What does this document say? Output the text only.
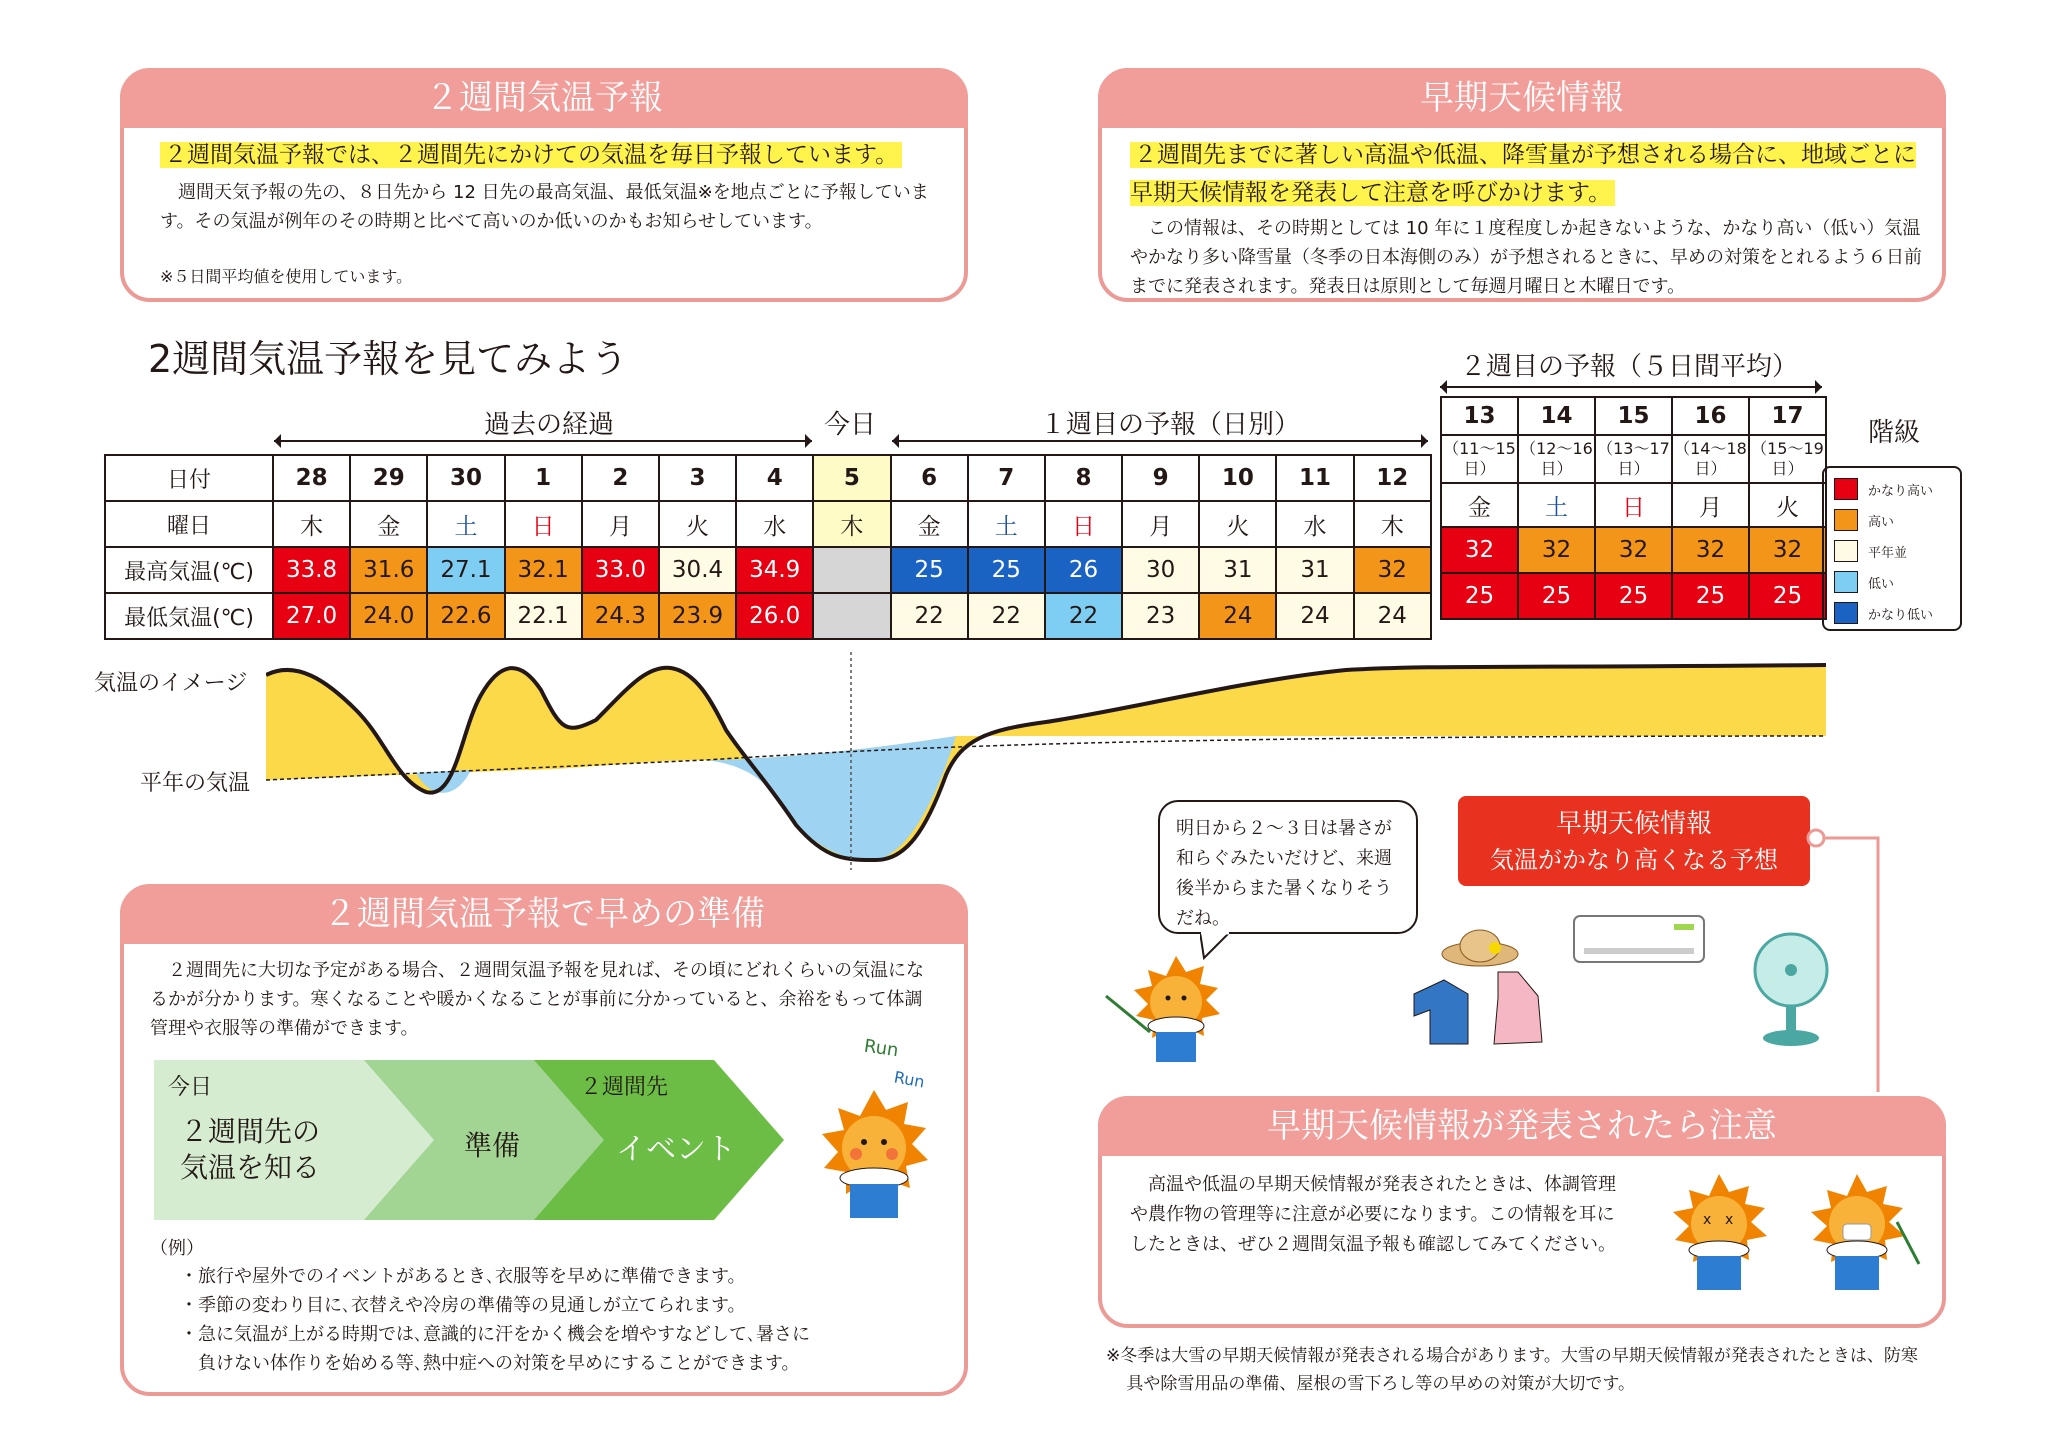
２週間気温予報
２週間気温予報では、２週間先にかけての気温を毎日予報しています。
週間天気予報の先の、８日先から 12 日先の最高気温、最低気温※を地点ごとに予報しています。その気温が例年のその時期と比べて高いのか低いのかもお知らせしています。
※５日間平均値を使用しています。
早期天候情報
２週間先までに著しい高温や低温、降雪量が予想される場合に、地域ごとに早期天候情報を発表して注意を呼びかけます。
この情報は、その時期としては 10 年に１度程度しか起きないような、かなり高い（低い）気温やかなり多い降雪量（冬季の日本海側のみ）が予想されるときに、早めの対策をとれるよう６日前までに発表されます。発表日は原則として毎週月曜日と木曜日です。
2週間気温予報を見てみよう	２週目の予報（５日間平均）
過去の経過	今日	１週目の予報（日別）	階級
日付	28	29	30	1	2	3	4	5	6	7	8	9	10	11	12
曜日	木	金	土	日	月	火	水	木	金	土	日	月	火	水	木
最高気温(℃)	33.8	31.6	27.1	32.1	33.0	30.4	34.9		25	25	26	30	31	31	32
最低気温(℃)	27.0	24.0	22.6	22.1	24.3	23.9	26.0		22	22	22	23	24	24	24
13	14	15	16	17
（11～15日）	（12～16日）	（13～17日）	（14～18日）	（15～19日）
金	土	日	月	火
32	32	32	32	32
25	25	25	25	25
かなり高い
高い
平年並
低い
かなり低い
気温のイメージ
平年の気温
２週間気温予報で早めの準備
２週間先に大切な予定がある場合、２週間気温予報を見れば、その頃にどれくらいの気温になるかが分かります。寒くなることや暖かくなることが事前に分かっていると、余裕をもって体調管理や衣服等の準備ができます。
今日
２週間先の
気温を知る
準備
２週間先
イベント
（例）
・旅行や屋外でのイベントがあるとき､衣服等を早めに準備できます。
・季節の変わり目に､衣替えや冷房の準備等の見通しが立てられます。
・急に気温が上がる時期では､意識的に汗をかく機会を増やすなどして､暑さに
　負けない体作りを始める等､熱中症への対策を早めにすることができます。
Run
Run
明日から２～３日は暑さが和らぐみたいだけど、来週後半からまた暑くなりそうだね。
早期天候情報
気温がかなり高くなる予想
早期天候情報が発表されたら注意
高温や低温の早期天候情報が発表されたときは、体調管理や農作物の管理等に注意が必要になります。この情報を耳にしたときは、ぜひ２週間気温予報も確認してみてください。
x x
※冬季は大雪の早期天候情報が発表される場合があります。大雪の早期天候情報が発表されたときは、防寒具や除雪用品の準備、屋根の雪下ろし等の早めの対策が大切です。
